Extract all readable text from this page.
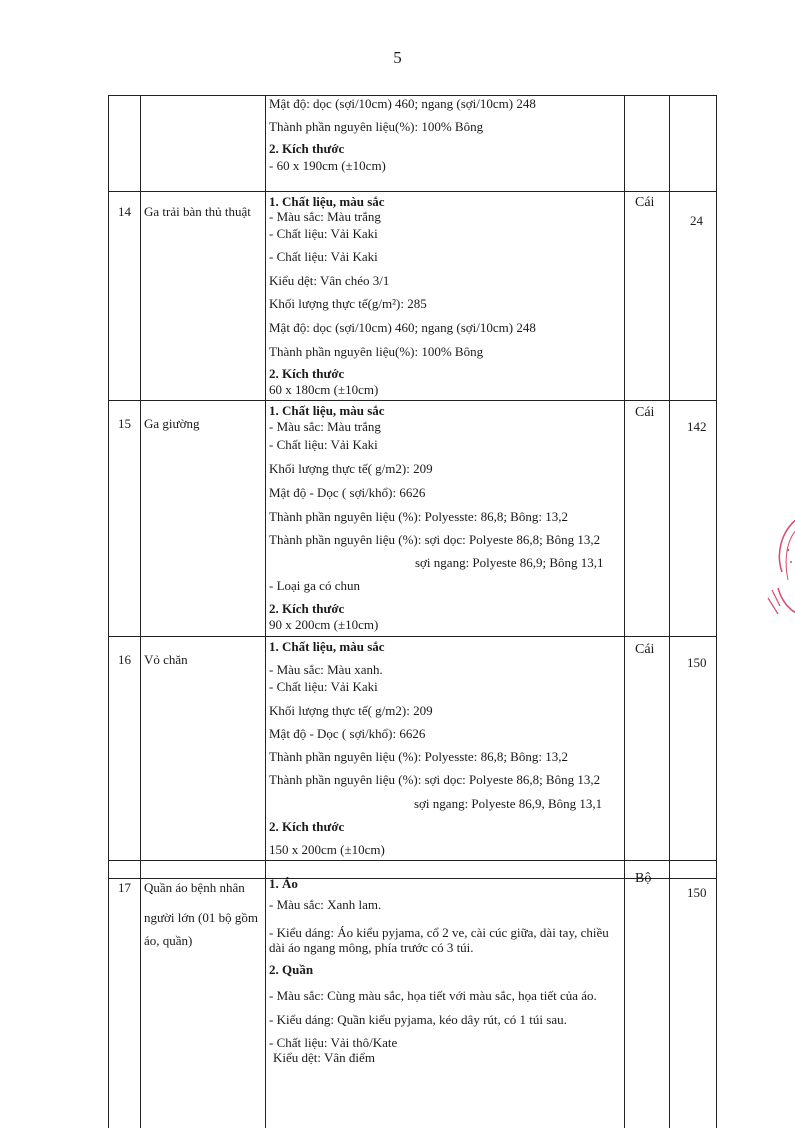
5
Mật độ: dọc (sợi/10cm) 460; ngang (sợi/10cm) 248
Thành phần nguyên liệu(%): 100% Bông
2. Kích thước
- 60 x 190cm (±10cm)
14 Ga trải bàn thủ thuật
Cái
24
1. Chất liệu, màu sắc
- Màu sắc: Màu trắng
- Chất liệu: Vải Kaki
- Chất liệu: Vải Kaki
Kiểu dệt: Vân chéo 3/1
Khối lượng thực tế(g/m²): 285
Mật độ: dọc (sợi/10cm) 460; ngang (sợi/10cm) 248
Thành phần nguyên liệu(%): 100% Bông
2. Kích thước
60 x 180cm (±10cm)
15 Ga giường
Cái
142
1. Chất liệu, màu sắc
- Màu sắc: Màu trắng
- Chất liệu: Vải Kaki
Khối lượng thực tế( g/m2): 209
Mật độ - Dọc ( sợi/khổ): 6626
Thành phần nguyên liệu (%): Polyesste: 86,8; Bông: 13,2
Thành phần nguyên liệu (%): sợi dọc: Polyeste 86,8; Bông 13,2
sợi ngang: Polyeste 86,9; Bông 13,1
- Loại ga có chun
2. Kích thước
90 x 200cm (±10cm)
16 Vỏ chăn
Cái
150
1. Chất liệu, màu sắc
- Màu sắc: Màu xanh.
- Chất liệu: Vải Kaki
Khối lượng thực tế( g/m2): 209
Mật độ - Dọc ( sợi/khổ): 6626
Thành phần nguyên liệu (%): Polyesste: 86,8; Bông: 13,2
Thành phần nguyên liệu (%): sợi dọc: Polyeste 86,8; Bông 13,2
sợi ngang: Polyeste 86,9, Bông 13,1
2. Kích thước
150 x 200cm (±10cm)
17 Quần áo bệnh nhân
người lớn (01 bộ gồm
áo, quần)
Bộ
150
1. Áo
- Màu sắc: Xanh lam.
- Kiểu dáng: Áo kiểu pyjama, cổ 2 ve, cài cúc giữa, dài tay, chiều
dài áo ngang mông, phía trước có 3 túi.
2. Quần
- Màu sắc: Cùng màu sắc, họa tiết với màu sắc, họa tiết của áo.
- Kiểu dáng: Quần kiểu pyjama, kéo dây rút, có 1 túi sau.
- Chất liệu: Vải thô/Kate
Kiểu dệt: Vân điểm
